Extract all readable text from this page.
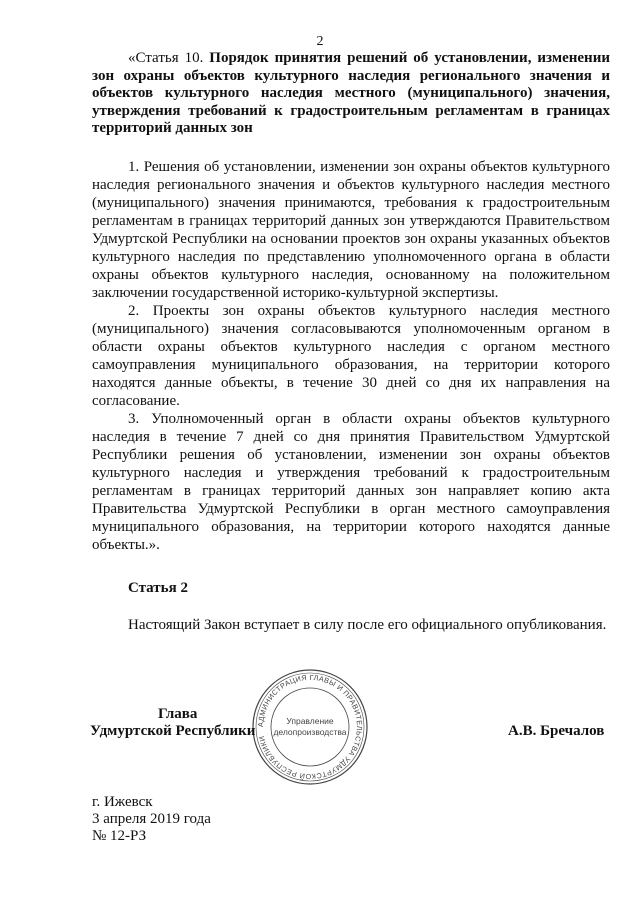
2
«Статья 10. Порядок принятия решений об установлении, изменении зон охраны объектов культурного наследия регионального значения и объектов культурного наследия местного (муниципального) значения, утверждения требований к градостроительным регламентам в границах территорий данных зон

1. Решения об установлении, изменении зон охраны объектов культурного наследия регионального значения и объектов культурного наследия местного (муниципального) значения принимаются, требования к градостроительным регламентам в границах территорий данных зон утверждаются Правительством Удмуртской Республики на основании проектов зон охраны указанных объектов культурного наследия по представлению уполномоченного органа в области охраны объектов культурного наследия, основанному на положительном заключении государственной историко-культурной экспертизы.

2. Проекты зон охраны объектов культурного наследия местного (муниципального) значения согласовываются уполномоченным органом в области охраны объектов культурного наследия с органом местного самоуправления муниципального образования, на территории которого находятся данные объекты, в течение 30 дней со дня их направления на согласование.

3. Уполномоченный орган в области охраны объектов культурного наследия в течение 7 дней со дня принятия Правительством Удмуртской Республики решения об установлении, изменении зон охраны объектов культурного наследия и утверждения требований к градостроительным регламентам в границах территорий данных зон направляет копию акта Правительства Удмуртской Республики в орган местного самоуправления муниципального образования, на территории которого находятся данные объекты.».

Статья 2
Настоящий Закон вступает в силу после его официального опубликования.
АДМИНИСТРАЦИЯ ГЛАВЫ И ПРАВИТЕЛЬСТВА УДМУРТСКОЙ РЕСПУБЛИКИ
Управление
делопроизводства
Глава
Удмуртской Республики	А.В. Бречалов
г. Ижевск
3 апреля 2019 года
№ 12-РЗ
